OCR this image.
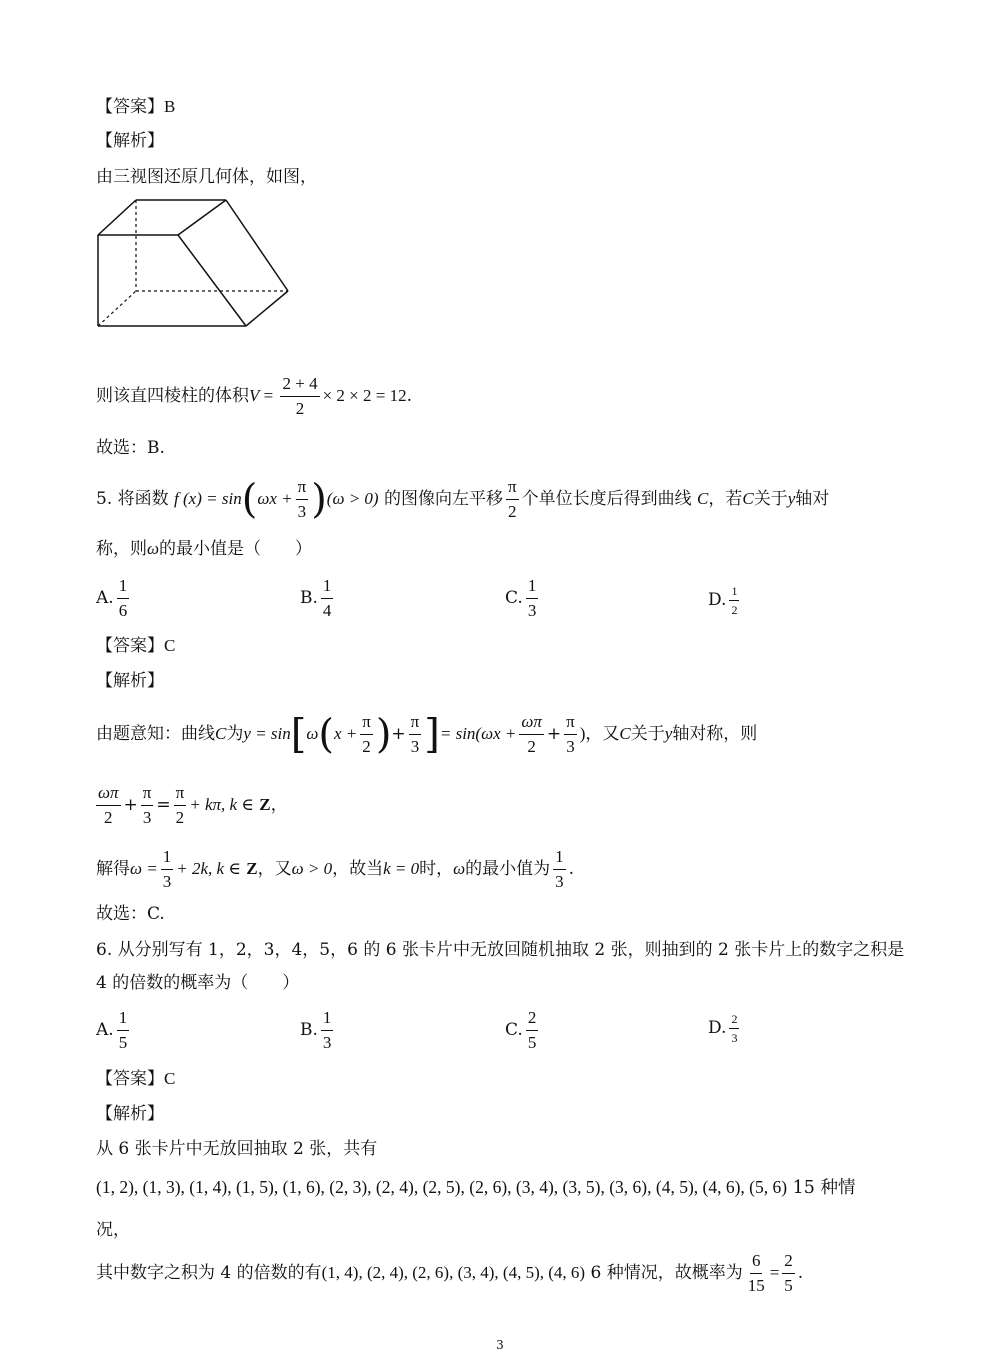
【答案】B
【解析】
由三视图还原几何体，如图，
则该直四棱柱的体积$V = \frac{2 + 4}{2} \times 2 \times 2 = 12$.
故选：B.
5. 将函数 f $(x) = \sin(\omega x + \frac{\pi}{3} )(\omega > 0)$ 的图像向左平移 $\frac{\pi}{2}$ 个单位长度后得到曲线 C，若C关于y轴对
称，则ω的最小值是（　　）
A. $\frac{1}{6}$	B. $\frac{1}{4}$	C. $\frac{1}{3}$	D. $\frac{1}{2}$
【答案】C
【解析】
由题意知：曲线C为$y = \sin[\omega(x + \frac{\pi}{2}$ )+ $\frac{\pi}{3}$ ]= $\sin(\omega x + \frac{\omega\pi}{2} + \frac{\pi}{3}$ )，又C关于y轴对称，则
$\frac{\omega\pi}{2} + \frac{\pi}{3} = \frac{\pi}{2} + k\pi$, k ∈ Z，
解得$\omega = \frac{1}{3} + 2k$, k ∈ Z，又ω > 0，故当k = 0时，ω的最小值为 $\frac{1}{3}$ .
故选：C.
6. 从分别写有 1，2，3，4，5，6 的 6 张卡片中无放回随机抽取 2 张，则抽到的 2 张卡片上的数字之积是
4 的倍数的概率为（　　）
A. $\frac{1}{5}$	B. $\frac{1}{3}$	C. $\frac{2}{5}$	D. $\frac{2}{3}$
【答案】C
【解析】
从 6 张卡片中无放回抽取 2 张，共有
(1, 2), (1, 3), (1, 4), (1, 5), (1, 6), (2, 3), (2, 4), (2, 5), (2, 6), (3, 4), (3, 5), (3, 6), (4, 5), (4, 6), (5, 6) 15 种情
况，
其中数字之积为 4 的倍数的有(1, 4), (2, 4), (2, 6), (3, 4), (4, 5), (4, 6) 6 种情况，故概率为 $\frac{6}{15} = \frac{2}{5}$ .
3
